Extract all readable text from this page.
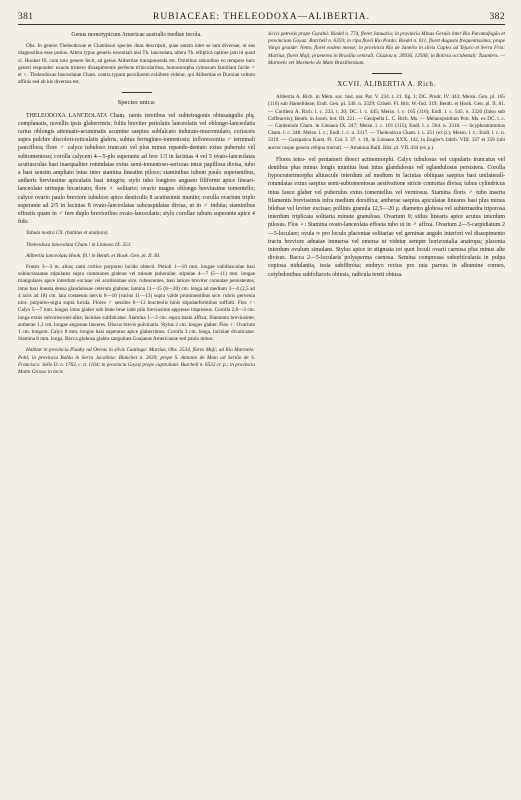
381	RUBIACEAE: THELEODOXA—ALIBERTIA.	382

Genus monotypicum Americae australis mediae incola.

Obs. In genere Theleodoxae et Chamissoi species duas descripsit, quae autem inter se tam diversae, ut eas diagnosibus esse potius. Altera typus generis essentiali nisi Th. lanceolata, altera Th. elliptica optime jam id quod cl. Hooker fil. cum toto genere fecit, ad genus Alibertiae transponenda est. Omnibus rationibus eo tempore huic generi respondet: exacte trimero dissepimentis perfecte trilocularibus, homomorpha cymosum familiam facile ♂ et ♀. Theleodoxae lanceolatae Cham. contra typum peculiarem exhibere videtur, qui Alibertiae et Duroiae cultum affinis sed ab his diversus est.

Species unica:

THELEODOXA LANCEOLATA Cham. ramis teretibus vel subtetragonis obtusangulis plq. complanatis, novellis ipsis glaberrimis; foliis breviter petiolatis lanceolatis vel oblongo-lanceolatis rarius oblongis attenuato-acuminatis acumine saepius subfalcato indurato-mucronulato, coriaceis supra pulchre discolori-reticulatis glabris, subtus ferrugineo-tomentosis; inflorescentia ♂ terminali pauciflora; flore ♂ calyce tubuloso truncato vel plus minus repando-dentato extus puberulo vel subtomentoso; corolla calycem 4—5-plo superante ad fere 1/3 in lacinias 4 vel 5 ovato-lanceolatas acutiusculas basi inaequaliter rotundatas extus semi-tomentoso-sericeas intus papillosa divisa, tubo a basi sensim ampliato intus inter stamina lineatim piloso; staminibus tubum paulo superantibus, antheris breviusime apiculatis basi integris; stylo tubo longiore angusto filiformi apice lineari-lanceolato utrinque bicarinato; flore ♀ solitario; ovario magno oblongo breviusime tomentello; calyce ovario paulo breviore tubuloso apice denticulis 8 acutissimis munito; corolla ovarium triplo superante ad 2/5 in lacinias 8 ovato-lanceolatas subcuspidatas divisa, ut in ♂ indutа; staminibus effoetis quam in ♂ fere duplo brevioribus ovato-lanceolatis; stylo corollae tubum superante apice 4 fido.

Tabula nostra CX. (habitus et analysis).

Theleodoxa lanceolata Cham.! in Linnaea IX. 251.

Alibertia lanceolata Hook. fil.! in Benth. et Hook. Gen. pl. II. 83.

Frutex 3—3 m. altus; rami cortice purpureo lucido obtecti. Petioli 1—10 mm. longae validiusculae basi subincrassatae stipulares supra communes glabrae vel minute puberulae; stipulae 4—7 (5—11) mm. longae triangulares apice interdum excisae vel acutissimae sice. rubescentes, basi latiore breviter connatae persistentes, intus basi lineata densa glandulosae ceterum glabrae; lamina 11—15 (8—20) cm. longa ad medium 3—4 (2,5 ad 4 raris ad 18) cm. lata costaeum nervis 8—10 (varius 11—13) supra valde prominentibus sice. rubris pervenia nice. purpureo-nigra supra lucida. Flores ♂ sessiles 8—12 bracteolis binis stipulaeformibus suffulti. Flos ♂: Calyx 5—7 mm. longus intus glaber sub lente brue inde pilo breviusime appresso impressus. Corolla 2,8—3 cm. longa extus subvirescenti-alba; laciniae subfalcatae. Stamina 1—3 cm. supra basin affixa; filamenta breviusime; antherae 1,3 cm. longae angustae lineares. Discus brevis pulvinaris. Stylus 2 cm. longus glaber. Flos ♀: Ovarium 1 cm. longum. Calyx 8 mm. longus basi superatus apice glaberrimus. Corolla 3 cm. longa, laciniae divaricatae. Stamina 8 mm. longa. Bacca globosa glabra sanguinea Guajaeae Americanae sed paulo minor.

Habitat in provincia Piauhy ad Oeiras in silvis Caatinga: Martius, Obs. 2534, flores Maji; ad Rio Marmelo: Pohl; in provincia Bahia in Serra Jacobina: Blanchet n. 2639; prope S. Antonio de Mato ad Sertão de S. Francisco: Sello D. n. 1763, c. n. 1164; in provincia Goyaz prope capitolium: Burchell n. 6532 cr. p.; in provincia Matto Grosso in locis

siccis petrosis prope Cuyabá: Riedel n. 774, floret Januario; in provincia Minas Geraës inter Rio Paramafogão et provinciam Goyaz: Burchell n. 6359; in ripa fluvii Rio Pardo: Riedel n. 611, floret Augusto frequentissima; prope Vargo grande: Netto, floret eodem mense; in provincia Rio de Janeiro in silvis Caples ad Tejuco et Serra Fria: Martius, floret Maji; praeterea in Brasilia centrali: Glaziou n. 20936, 12936; in Bolivia occidentali: Tuamlers. — Marmelo vel Marmelo do Mato Brasiliensium.

XCVII. ALIBERTIA A. Rich.

Alibertia A. Rich. in Mém. soc. hist. nat. Par. V. 234. t. 21. fig. 1; DC. Prodr. IV. 443; Meisn. Gen. pl. 165 (116) sub Hamelideae; Endl. Gen. pl. 546. n. 3329; Griseb. Fl. Brit. W.-Ind. 319; Benth. et Hook. Gen. pl. II. 81. — Cordiera A. Rich. l. c. 233. t. 20; DC. l. c. 445; Meisn. l. c. 165 (116); Endl. l. c. 545. n. 3320 (falso sub Coffeaceis); Benth. in Journ. bot. III. 221. — Genipella L. C. Rich. Ms. — Melanopsidium Poit. Ms. ex DC. l. c. — Gardeniola Cham. in Linnaea IX. 247; Meisn. l. c. 161 (115); Endl. l. c. 564. n. 3318. — Scyphostrammus Cham. l. c. 248; Meisn. l. c.; Endl. l. c. n. 3317. — Theleodoxa Cham. l. c. 251 (ex p.); Meisn. l. c.; Endl. l. c. n. 3319. — Garapatica Karst. Fl. Col. I. 37. t. 18, in Linnaea XXX. 142, in Engler's Jahrb. VIII. 337 et 358 (ubi auctor usque genera reliqua tractat). — Amaioua Baill. Hist. pl. VII. 434 (ex p.).

Flores tetra- vel pentameri dioeci actinomorphi. Calyx tubulosus vel cupularis truncatus vel dentibus plus minus longis munitus basi intus glandulosus vel eglandulosus persistens. Corolla hypocraterimorpha altiuscule interdum ad medium in lacinias obliquas saepius basi unilateralí-rotundatas extus saepius semi-subtomentosas aestivatione stricte contortas divisa; tubus cylindricus intus fauce glaber vel puberulus extus tomentellus vel verniosus. Stamina floris ♂ tubo inserta filamentis brevissimis infra medium dorsifixa; antherae saepius apiculatae lineares basi plus minus bilobae vel leviter excisae; pollinis granula 12,5—20 μ. diametro globosa vel subtetraedra triporosa interdum triplicata solitaria minute granulosa. Ovarium 0; stilus linearis apice acutus interdum pilosus. Flos ♀: Stamina ovato-lanceolata effoeta tubo ut in ♂ affixa. Ovarium 2—5-carpidiatum 2—5-loculare; ovula ∞ pro loculo placentae solitariae vel geminae anguło interiori vel dissepimento tractu breviore adnatae immersa vel emersa ut videtur semper horizontalia anatropa; placenta interdum ovulum simulans. Stylus apice in stigmata tot quot loculi ovarii carnosa plus minus alte divisus. Bacca 2—5-locularis polysperma carnosa. Semina compressa suborbicularia in pulpa copiosa nidulantia, testa subfibrosa; embryo rectus pro rata parvus in albumine corneo, cotyledonibus subfoliaceis obtusis, radicula tereti obtusa.
